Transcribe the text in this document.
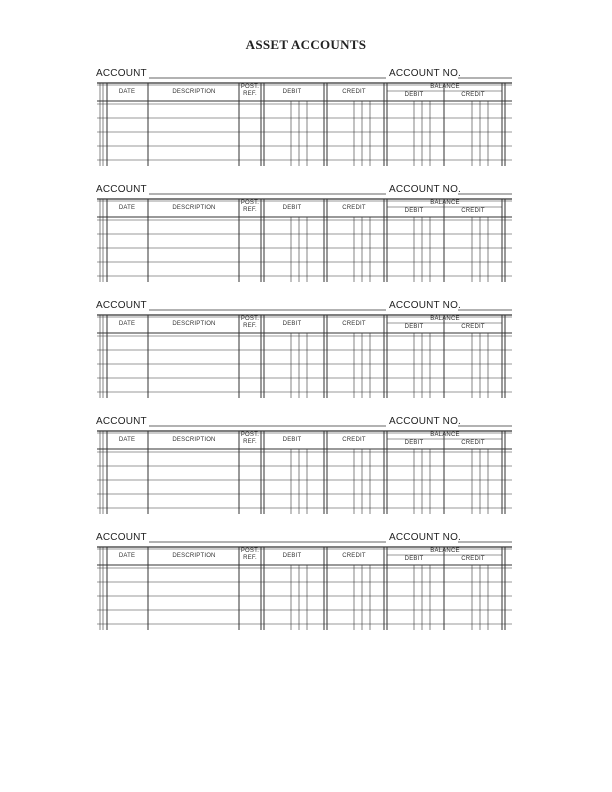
ASSET ACCOUNTS
ACCOUNT	ACCOUNT NO.
DATE	DESCRIPTION
POST.
REF.	DEBIT	CREDIT
BALANCE
DEBIT	CREDIT
ACCOUNT	ACCOUNT NO.
DATE	DESCRIPTION
POST.
REF.	DEBIT	CREDIT
BALANCE
DEBIT	CREDIT
ACCOUNT	ACCOUNT NO.
DATE	DESCRIPTION
POST.
REF.	DEBIT	CREDIT
BALANCE
DEBIT	CREDIT
ACCOUNT	ACCOUNT NO.
DATE	DESCRIPTION
POST.
REF.	DEBIT	CREDIT
BALANCE
DEBIT	CREDIT
ACCOUNT	ACCOUNT NO.
DATE	DESCRIPTION
POST.
REF.	DEBIT	CREDIT
BALANCE
DEBIT	CREDIT
